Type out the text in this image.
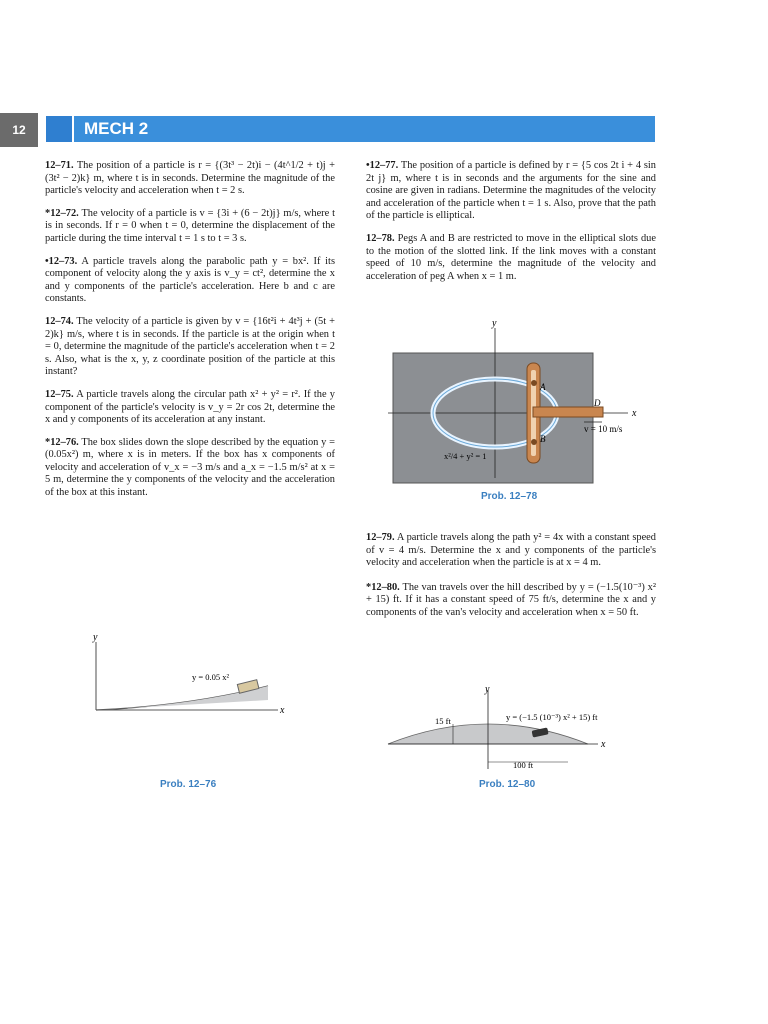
12	MECH 2

12–71. The position of a particle is r = {(3t³ − 2t)i − (4t^1/2 + t)j + (3t² − 2)k} m, where t is in seconds. Determine the magnitude of the particle's velocity and acceleration when t = 2 s.

*12–72. The velocity of a particle is v = {3i + (6 − 2t)j} m/s, where t is in seconds. If r = 0 when t = 0, determine the displacement of the particle during the time interval t = 1 s to t = 3 s.

•12–73. A particle travels along the parabolic path y = bx². If its component of velocity along the y axis is v_y = ct², determine the x and y components of the particle's acceleration. Here b and c are constants.

12–74. The velocity of a particle is given by v = {16t²i + 4t³j + (5t + 2)k} m/s, where t is in seconds. If the particle is at the origin when t = 0, determine the magnitude of the particle's acceleration when t = 2 s. Also, what is the x, y, z coordinate position of the particle at this instant?

12–75. A particle travels along the circular path x² + y² = r². If the y component of the particle's velocity is v_y = 2r cos 2t, determine the x and y components of its acceleration at any instant.

*12–76. The box slides down the slope described by the equation y = (0.05x²) m, where x is in meters. If the box has x components of velocity and acceleration of v_x = −3 m/s and a_x = −1.5 m/s² at x = 5 m, determine the y components of the velocity and the acceleration of the box at this instant.

•12–77. The position of a particle is defined by r = {5 cos 2t i + 4 sin 2t j} m, where t is in seconds and the arguments for the sine and cosine are given in radians. Determine the magnitudes of the velocity and acceleration of the particle when t = 1 s. Also, prove that the path of the particle is elliptical.

12–78. Pegs A and B are restricted to move in the elliptical slots due to the motion of the slotted link. If the link moves with a constant speed of 10 m/s, determine the magnitude of the velocity and acceleration of peg A when x = 1 m.

y
x
A
B
D
v = 10 m/s
x²/4 + y² = 1
Prob. 12–78

12–79. A particle travels along the path y² = 4x with a constant speed of v = 4 m/s. Determine the x and y components of the particle's velocity and acceleration when the particle is at x = 4 m.

*12–80. The van travels over the hill described by y = (−1.5(10⁻³) x² + 15) ft. If it has a constant speed of 75 ft/s, determine the x and y components of the van's velocity and acceleration when x = 50 ft.

y
x
y = 0.05 x²
Prob. 12–76
y
x
15 ft	y = (−1.5 (10⁻³) x² + 15) ft
100 ft
Prob. 12–80
